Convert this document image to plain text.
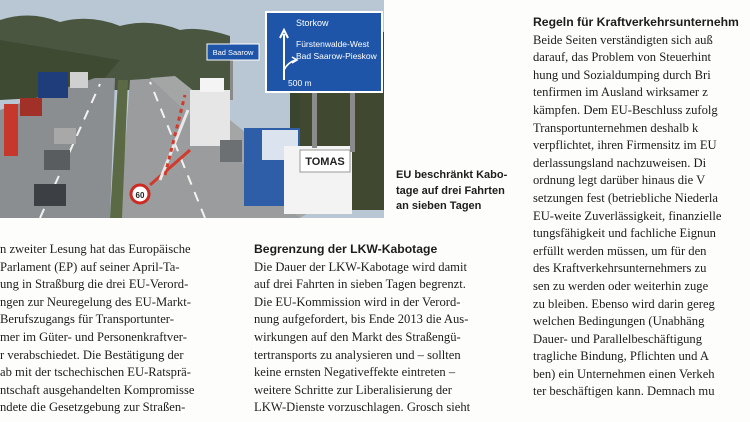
TOMAS
60
Bad Saarow
Storkow
Fürstenwalde-West
Bad Saarow-Pieskow
500 m
EU beschränkt Kabo-
tage auf drei Fahrten
an sieben Tagen
n zweiter Lesung hat das Europäische
Parlament (EP) auf seiner April-Ta-
ung in Straßburg die drei EU-Verord-
ngen zur Neuregelung des EU-Markt-
Berufszugangs für Transportunter-
mer im Güter- und Personenkraftver-
r verabschiedet. Die Bestätigung der
ab mit der tschechischen EU-Ratsprä-
ntschaft ausgehandelten Kompromisse
ndete die Gesetzgebung zur Straßen-
Begrenzung der LKW-Kabotage
Die Dauer der LKW-Kabotage wird damit
auf drei Fahrten in sieben Tagen begrenzt.
Die EU-Kommission wird in der Verord-
nung aufgefordert, bis Ende 2013 die Aus-
wirkungen auf den Markt des Straßengü-
tertransports zu analysieren und – sollten
keine ernsten Negativeffekte eintreten –
weitere Schritte zur Liberalisierung der
LKW-Dienste vorzuschlagen. Grosch sieht
Regeln für Kraftverkehrsunternehm
Beide Seiten verständigten sich auß
darauf, das Problem von Steuerhint
hung und Sozialdumping durch Bri
tenfirmen im Ausland wirksamer z
kämpfen. Dem EU-Beschluss zufolg
Transportunternehmen deshalb k
verpflichtet, ihren Firmensitz im EU
derlassungsland nachzuweisen. Di
ordnung legt darüber hinaus die V
setzungen fest (betriebliche Niederla
EU-weite Zuverlässigkeit, finanzielle
tungsfähigkeit und fachliche Eignun
erfüllt werden müssen, um für den
des Kraftverkehrsunternehmers zu
sen zu werden oder weiterhin zuge
zu bleiben. Ebenso wird darin gereg
welchen Bedingungen (Unabhäng
Dauer- und Parallelbeschäftigung
tragliche Bindung, Pflichten und A
ben) ein Unternehmen einen Verkeh
ter beschäftigen kann. Demnach mu
